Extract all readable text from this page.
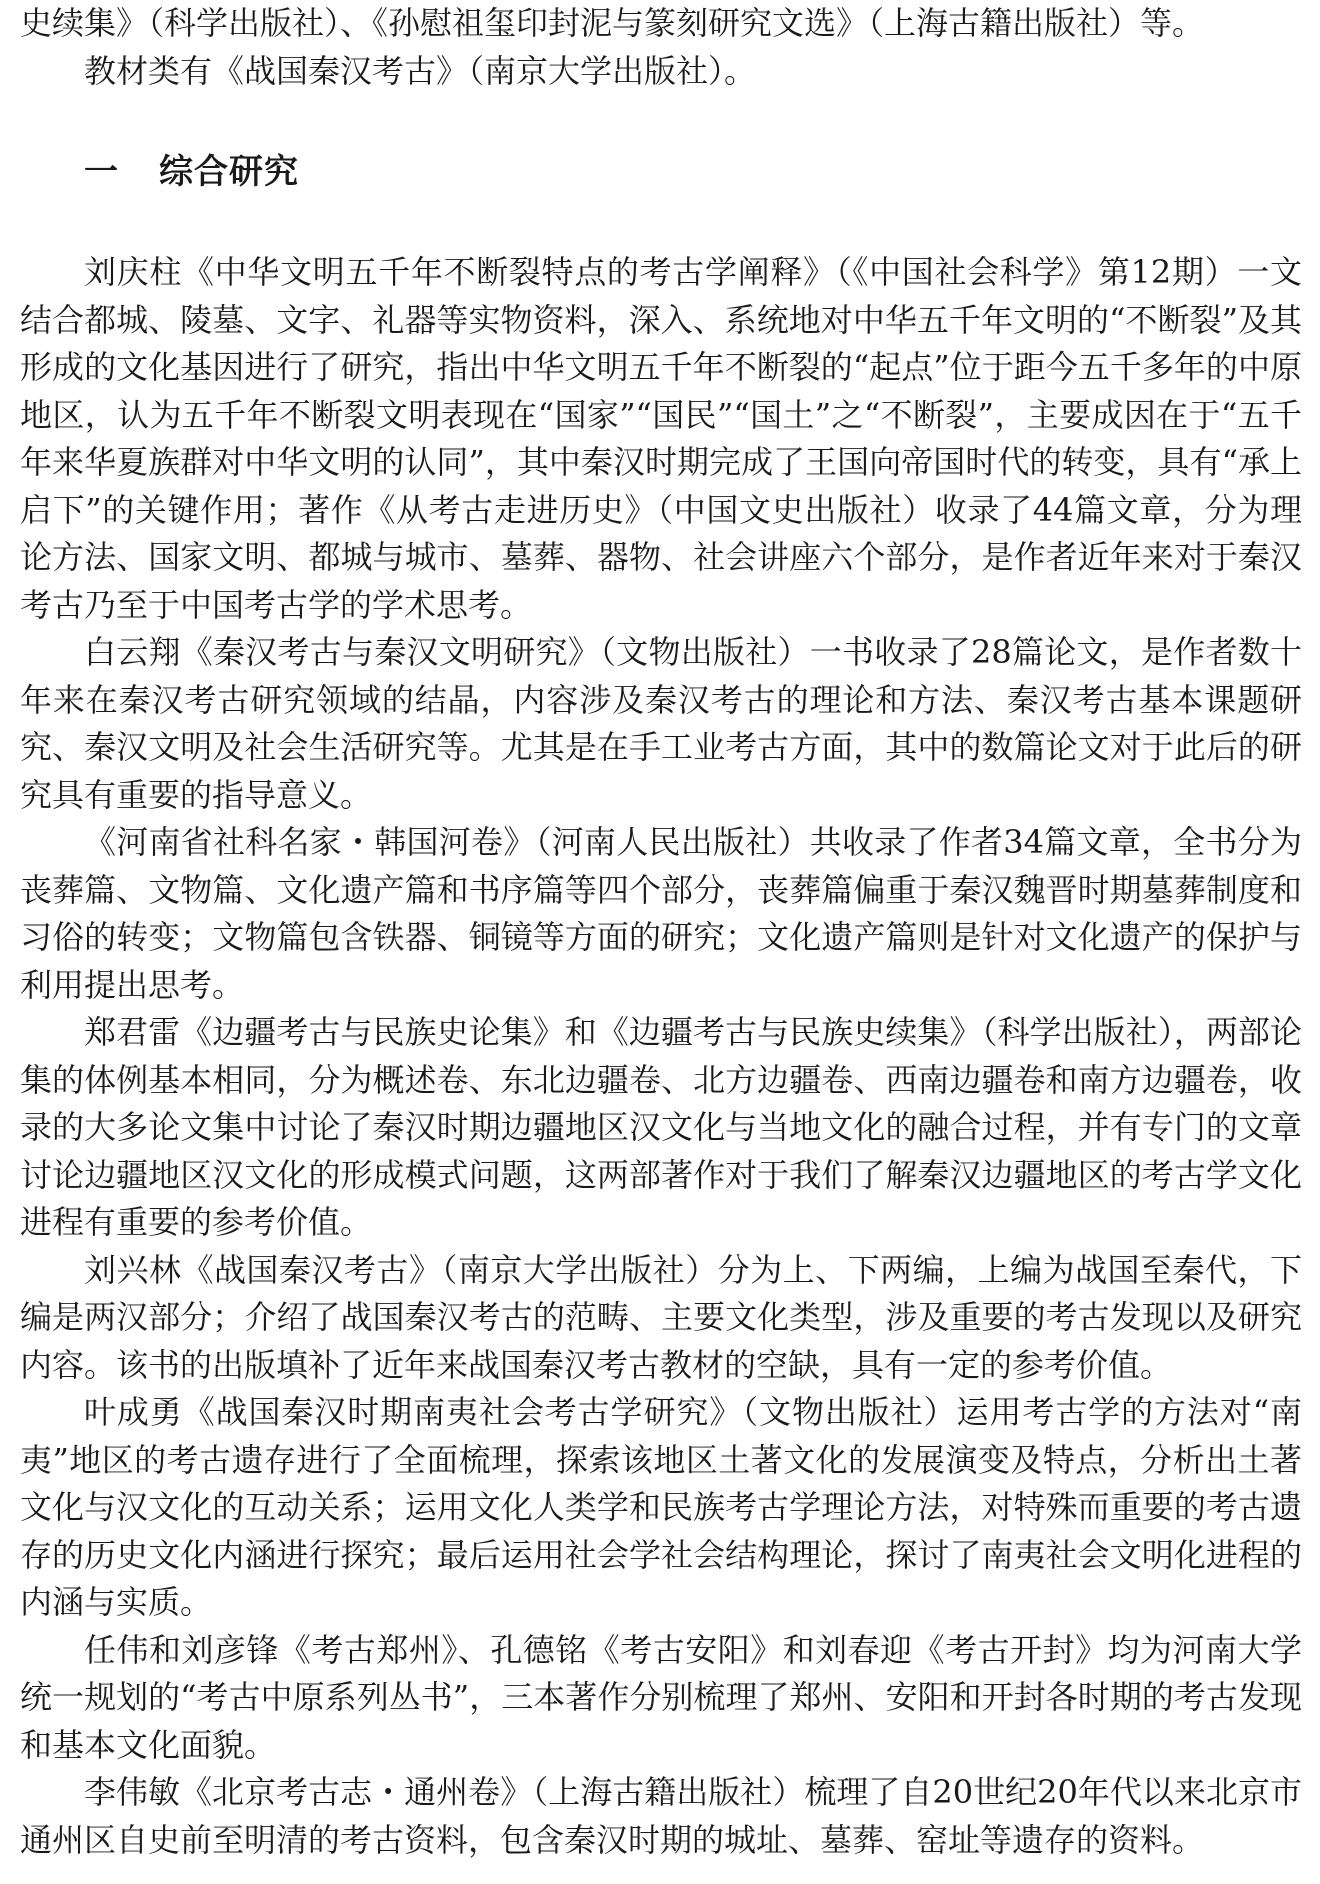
史续集》（科学出版社）、《孙慰祖玺印封泥与篆刻研究文选》（上海古籍出版社）等。

教材类有《战国秦汉考古》（南京大学出版社）。

一 综合研究

刘庆柱《中华文明五千年不断裂特点的考古学阐释》（《中国社会科学》第12期）一文结合都城、陵墓、文字、礼器等实物资料，深入、系统地对中华五千年文明的“不断裂”及其形成的文化基因进行了研究，指出中华文明五千年不断裂的“起点”位于距今五千多年的中原地区，认为五千年不断裂文明表现在“国家”“国民”“国土”之“不断裂”，主要成因在于“五千年来华夏族群对中华文明的认同”，其中秦汉时期完成了王国向帝国时代的转变，具有“承上启下”的关键作用；著作《从考古走进历史》（中国文史出版社）收录了44篇文章，分为理论方法、国家文明、都城与城市、墓葬、器物、社会讲座六个部分，是作者近年来对于秦汉考古乃至于中国考古学的学术思考。

白云翔《秦汉考古与秦汉文明研究》（文物出版社）一书收录了28篇论文，是作者数十年来在秦汉考古研究领域的结晶，内容涉及秦汉考古的理论和方法、秦汉考古基本课题研究、秦汉文明及社会生活研究等。尤其是在手工业考古方面，其中的数篇论文对于此后的研究具有重要的指导意义。

《河南省社科名家・韩国河卷》（河南人民出版社）共收录了作者34篇文章，全书分为丧葬篇、文物篇、文化遗产篇和书序篇等四个部分，丧葬篇偏重于秦汉魏晋时期墓葬制度和习俗的转变；文物篇包含铁器、铜镜等方面的研究；文化遗产篇则是针对文化遗产的保护与利用提出思考。

郑君雷《边疆考古与民族史论集》和《边疆考古与民族史续集》（科学出版社），两部论集的体例基本相同，分为概述卷、东北边疆卷、北方边疆卷、西南边疆卷和南方边疆卷，收录的大多论文集中讨论了秦汉时期边疆地区汉文化与当地文化的融合过程，并有专门的文章讨论边疆地区汉文化的形成模式问题，这两部著作对于我们了解秦汉边疆地区的考古学文化进程有重要的参考价值。

刘兴林《战国秦汉考古》（南京大学出版社）分为上、下两编，上编为战国至秦代，下编是两汉部分；介绍了战国秦汉考古的范畴、主要文化类型，涉及重要的考古发现以及研究内容。该书的出版填补了近年来战国秦汉考古教材的空缺，具有一定的参考价值。

叶成勇《战国秦汉时期南夷社会考古学研究》（文物出版社）运用考古学的方法对“南夷”地区的考古遗存进行了全面梳理，探索该地区土著文化的发展演变及特点，分析出土著文化与汉文化的互动关系；运用文化人类学和民族考古学理论方法，对特殊而重要的考古遗存的历史文化内涵进行探究；最后运用社会学社会结构理论，探讨了南夷社会文明化进程的内涵与实质。

任伟和刘彦锋《考古郑州》、孔德铭《考古安阳》和刘春迎《考古开封》均为河南大学统一规划的“考古中原系列丛书”，三本著作分别梳理了郑州、安阳和开封各时期的考古发现和基本文化面貌。

李伟敏《北京考古志・通州卷》（上海古籍出版社）梳理了自20世纪20年代以来北京市通州区自史前至明清的考古资料，包含秦汉时期的城址、墓葬、窑址等遗存的资料。
